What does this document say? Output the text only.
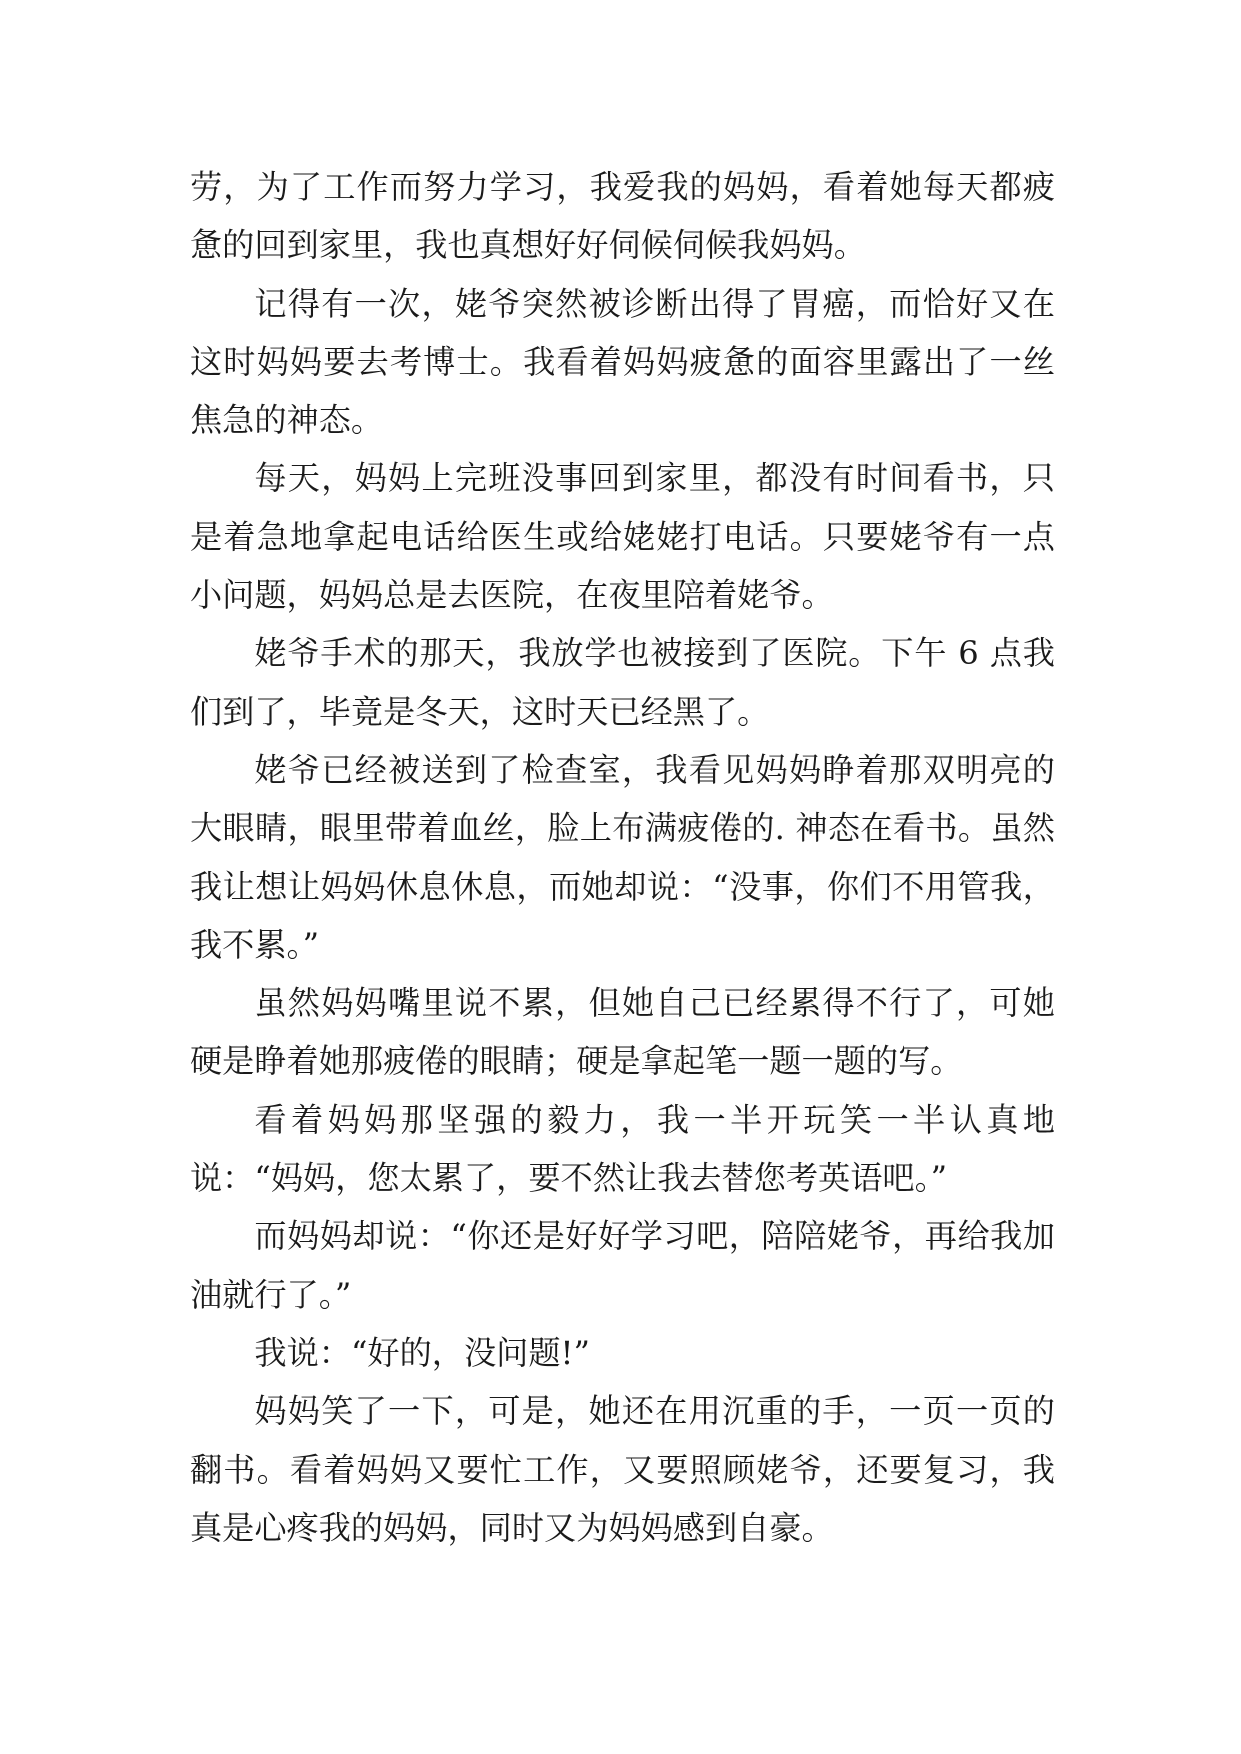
劳，为了工作而努力学习，我爱我的妈妈，看着她每天都疲惫的回到家里，我也真想好好伺候伺候我妈妈。

记得有一次，姥爷突然被诊断出得了胃癌，而恰好又在这时妈妈要去考博士。我看着妈妈疲惫的面容里露出了一丝焦急的神态。

每天，妈妈上完班没事回到家里，都没有时间看书，只是着急地拿起电话给医生或给姥姥打电话。只要姥爷有一点小问题，妈妈总是去医院，在夜里陪着姥爷。

姥爷手术的那天，我放学也被接到了医院。下午 6 点我们到了，毕竟是冬天，这时天已经黑了。

姥爷已经被送到了检查室，我看见妈妈睁着那双明亮的大眼睛，眼里带着血丝，脸上布满疲倦的. 神态在看书。虽然我让想让妈妈休息休息，而她却说：“没事，你们不用管我，我不累。”

虽然妈妈嘴里说不累，但她自己已经累得不行了，可她硬是睁着她那疲倦的眼睛；硬是拿起笔一题一题的写。

看着妈妈那坚强的毅力，我一半开玩笑一半认真地说：“妈妈，您太累了，要不然让我去替您考英语吧。”

而妈妈却说：“你还是好好学习吧，陪陪姥爷，再给我加油就行了。”

我说：“好的，没问题!”

妈妈笑了一下，可是，她还在用沉重的手，一页一页的翻书。看着妈妈又要忙工作，又要照顾姥爷，还要复习，我真是心疼我的妈妈，同时又为妈妈感到自豪。
